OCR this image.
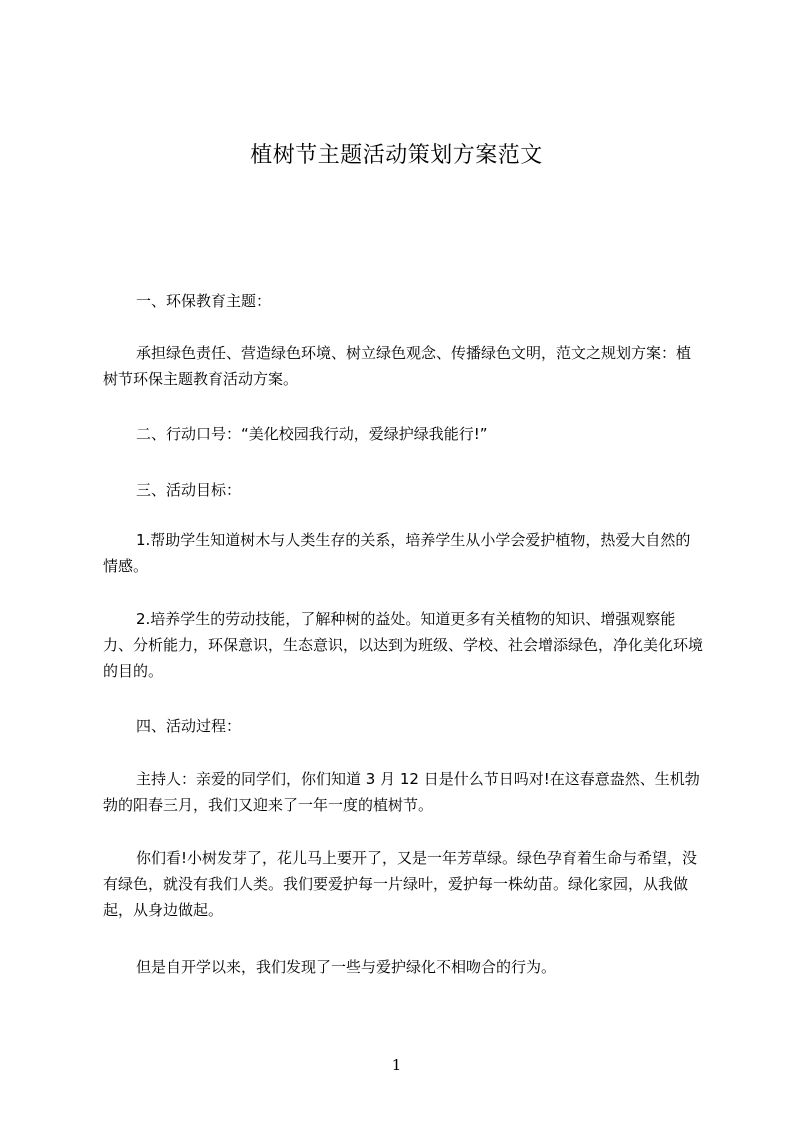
植树节主题活动策划方案范文

一、环保教育主题：

承担绿色责任、营造绿色环境、树立绿色观念、传播绿色文明，范文之规划方案：植树节环保主题教育活动方案。

二、行动口号：“美化校园我行动，爱绿护绿我能行!”

三、活动目标：

1.帮助学生知道树木与人类生存的关系，培养学生从小学会爱护植物，热爱大自然的情感。

2.培养学生的劳动技能，了解种树的益处。知道更多有关植物的知识、增强观察能力、分析能力，环保意识，生态意识，以达到为班级、学校、社会增添绿色，净化美化环境的目的。

四、活动过程：

主持人：亲爱的同学们，你们知道 3 月 12 日是什么节日吗对!在这春意盎然、生机勃勃的阳春三月，我们又迎来了一年一度的植树节。

你们看!小树发芽了，花儿马上要开了，又是一年芳草绿。绿色孕育着生命与希望，没有绿色，就没有我们人类。我们要爱护每一片绿叶，爱护每一株幼苗。绿化家园，从我做起，从身边做起。

但是自开学以来，我们发现了一些与爱护绿化不相吻合的行为。

1
